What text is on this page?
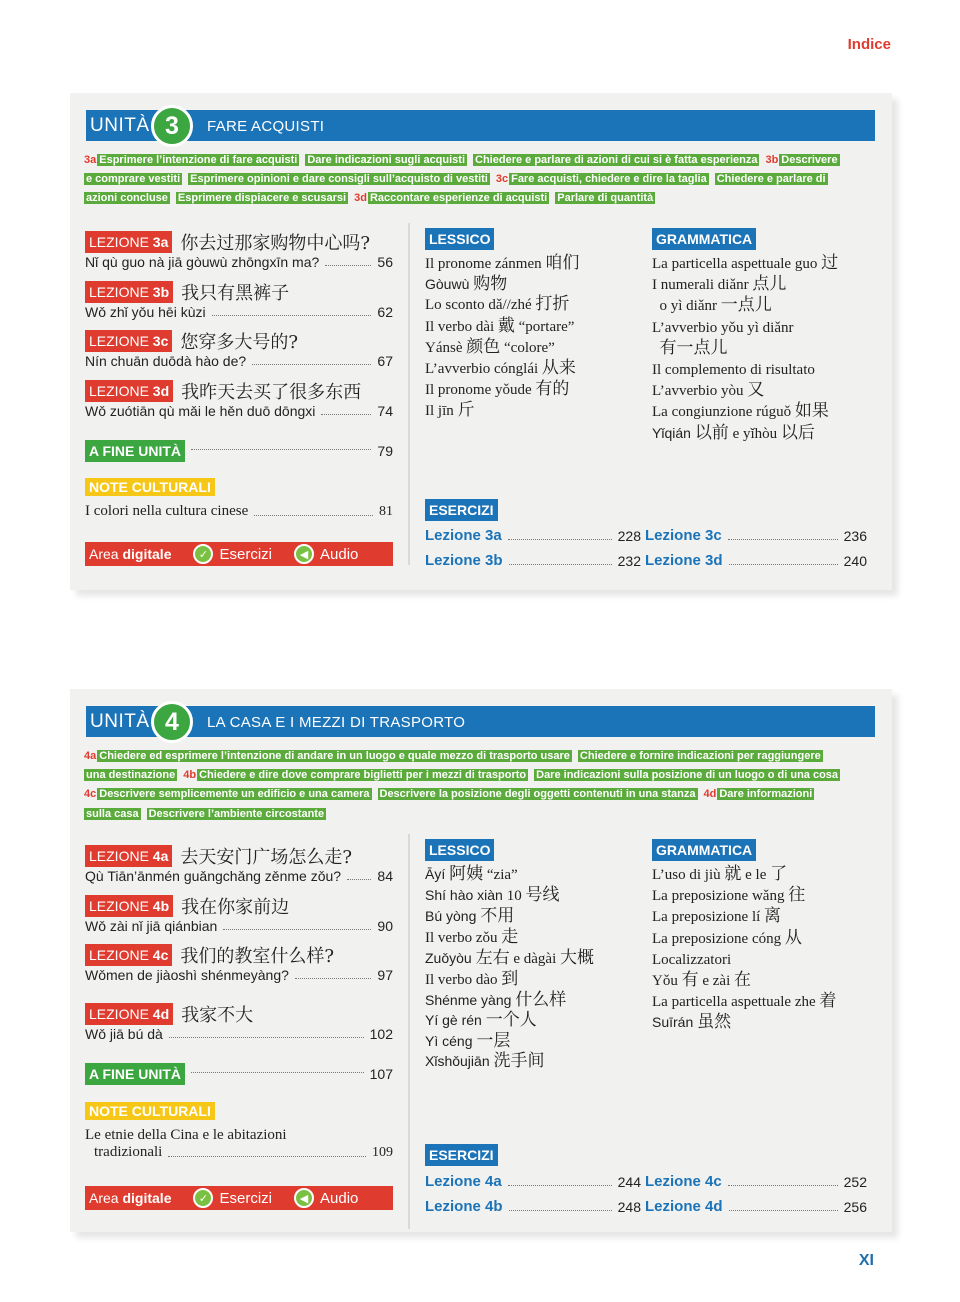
Indice
UNITÀ 3	FARE ACQUISTI
3a Esprimere l’intenzione di fare acquisti Dare indicazioni sugli acquisti Chiedere e parlare di azioni di cui si è fatta esperienza 3b Descrivere
e comprare vestiti Esprimere opinioni e dare consigli sull’acquisto di vestiti 3c Fare acquisti, chiedere e dire la taglia Chiedere e parlare di
azioni concluse Esprimere dispiacere e scusarsi 3d Raccontare esperienze di acquisti Parlare di quantità
LEZIONE 3a 你去过那家购物中心吗?
Nǐ qù guo nà jiā gòuwù zhōngxīn ma?	56
LEZIONE 3b 我只有黑裤子
Wǒ zhǐ yǒu hēi kùzi	62
LEZIONE 3c 您穿多大号的?
Nín chuān duōdà hào de?	67
LEZIONE 3d 我昨天去买了很多东西
Wǒ zuótiān qù mǎi le hěn duō dōngxi	74
A FINE UNITÀ	79
NOTE CULTURALI
I colori nella cultura cinese	81
Area digitale	✓ Esercizi	◀ Audio
LESSICO
Il pronome zánmen 咱们
Gòuwù 购物
Lo sconto dǎ//zhé 打折
Il verbo dài 戴 “portare”
Yánsè 颜色 “colore”
L’avverbio cónglái 从来
Il pronome yǒude 有的
Il jīn 斤
GRAMMATICA
La particella aspettuale guo 过
I numerali diǎnr 点儿
o yì diǎnr 一点儿
L’avverbio yǒu yì diǎnr
有一点儿
Il complemento di risultato
L’avverbio yòu 又
La congiunzione rúguǒ 如果
Yǐqián 以前 e yǐhòu 以后
ESERCIZI
Lezione 3a	228
Lezione 3b	232
Lezione 3c	236
Lezione 3d	240
UNITÀ 4	LA CASA E I MEZZI DI TRASPORTO
4a Chiedere ed esprimere l’intenzione di andare in un luogo e quale mezzo di trasporto usare Chiedere e fornire indicazioni per raggiungere
una destinazione 4b Chiedere e dire dove comprare biglietti per i mezzi di trasporto Dare indicazioni sulla posizione di un luogo o di una cosa
4c Descrivere semplicemente un edificio e una camera Descrivere la posizione degli oggetti contenuti in una stanza 4d Dare informazioni
sulla casa Descrivere l’ambiente circostante
LEZIONE 4a 去天安门广场怎么走?
Qù Tiān’ānmén guǎngchǎng zěnme zǒu?	84
LEZIONE 4b 我在你家前边
Wǒ zài nǐ jiā qiánbian	90
LEZIONE 4c 我们的教室什么样?
Wǒmen de jiàoshì shénmeyàng?	97
LEZIONE 4d 我家不大
Wǒ jiā bú dà	102
A FINE UNITÀ	107
NOTE CULTURALI
Le etnie della Cina e le abitazioni
tradizionali	109
Area digitale	✓ Esercizi	◀ Audio
LESSICO
Āyí 阿姨 “zia”
Shí hào xiàn 10 号线
Bú yòng 不用
Il verbo zǒu 走
Zuǒyòu 左右 e dàgài 大概
Il verbo dào 到
Shénme yàng 什么样
Yí gè rén 一个人
Yì céng 一层
Xǐshǒujiān 洗手间
GRAMMATICA
L’uso di jiù 就 e le 了
La preposizione wǎng 往
La preposizione lí 离
La preposizione cóng 从
Localizzatori
Yǒu 有 e zài 在
La particella aspettuale zhe 着
Suīrán 虽然
ESERCIZI
Lezione 4a	244
Lezione 4b	248
Lezione 4c	252
Lezione 4d	256
XI
